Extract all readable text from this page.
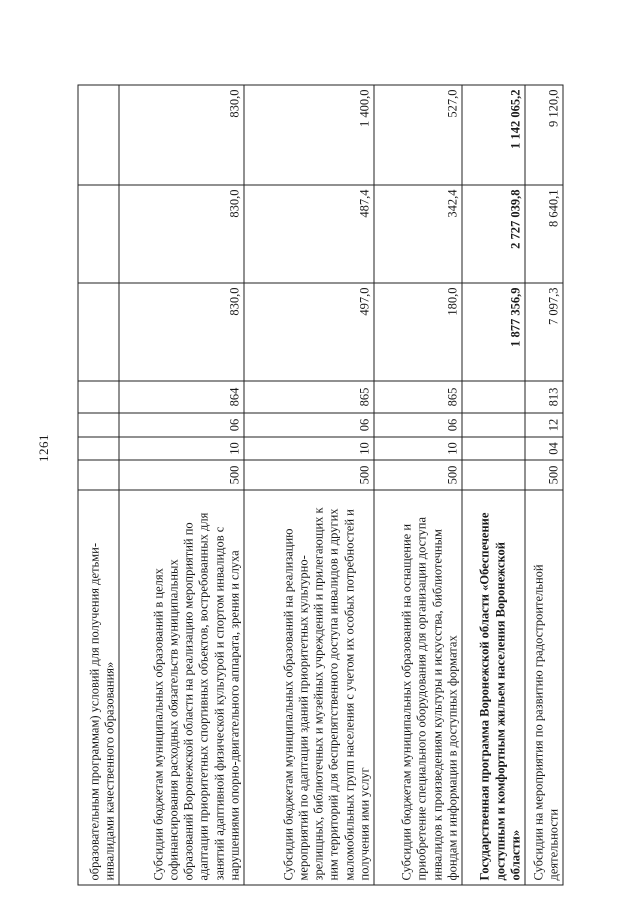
1261
образовательным программам) условий для получения детьми-инвалидами качественного образования»							
Субсидии бюджетам муниципальных образований в целях софинансирования расходных обязательств муниципальных образований Воронежской области на реализацию мероприятий по адаптации приоритетных спортивных объектов, востребованных для занятий адаптивной физической культурой и спортом инвалидов с нарушениями опорно-двигательного аппарата, зрения и слуха	500	10	06	864	830,0	830,0	830,0
Субсидии бюджетам муниципальных образований на реализацию мероприятий по адаптации зданий приоритетных культурно-зрелищных, библиотечных и музейных учреждений и прилегающих к ним территорий для беспрепятственного доступа инвалидов и других маломобильных групп населения с учетом их особых потребностей и получения ими услуг	500	10	06	865	497,0	487,4	1 400,0
Субсидии бюджетам муниципальных образований на оснащение и приобретение специального оборудования для организации доступа инвалидов к произведениям культуры и искусства, библиотечным фондам и информации в доступных форматах	500	10	06	865	180,0	342,4	527,0
Государственная программа Воронежской области «Обеспечение доступным и комфортным жильем населения Воронежской области»					1 877 356,9	2 727 039,8	1 142 065,2
Субсидии на мероприятия по развитию градостроительной деятельности	500	04	12	813	7 097,3	8 640,1	9 120,0
